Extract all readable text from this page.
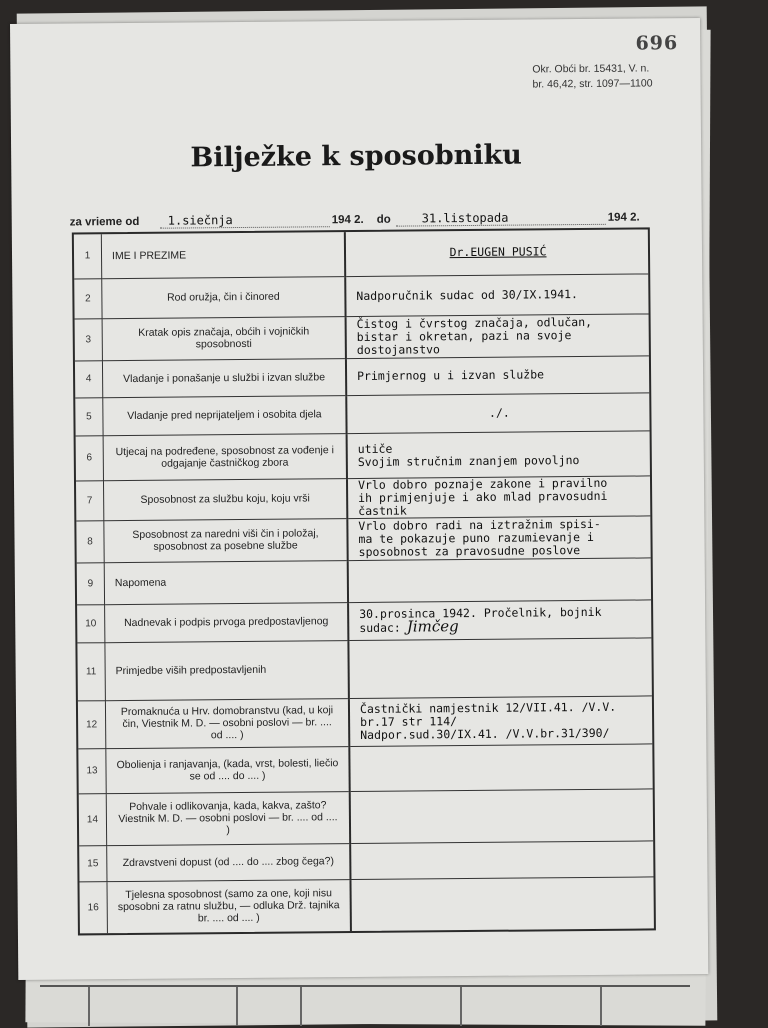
696
Okr. Obći br. 15431, V. n.
br. 46,42, str. 1097—1100
Bilježke k sposobniku
za vrieme od 1.siečnja	194 2. do	31.listopada	194 2.
1	IME I PREZIME	Dr.EUGEN PUSIĆ
2	Rod oružja, čin i činored	Nadporučnik sudac od 30/IX.1941.
3	Kratak opis značaja, obćih i vojničkih sposobnosti	Čistog i čvrstog značaja, odlučan,
bistar i okretan, pazi na svoje
dostojanstvo
4	Vladanje i ponašanje u službi i izvan službe	Primjernog u i izvan službe
5	Vladanje pred neprijateljem i osobita djela	./.
6	Utjecaj na podređene, sposobnost za vođenje i odgajanje častničkog zbora	utiče
Svojim stručnim znanjem povoljno
7	Sposobnost za službu koju, koju vrši	Vrlo dobro poznaje zakone i pravilno
ih primjenjuje i ako mlad pravosudni
častnik
8	Sposobnost za naredni viši čin i položaj, sposobnost za posebne službe	Vrlo dobro radi na iztražnim spisi-
ma te pokazuje puno razumievanje i
sposobnost za pravosudne poslove
9	Napomena	
10	Nadnevak i podpis prvoga predpostavljenog	30.prosinca 1942. Pročelnik, bojnik
sudac: Jimčeg
11	Primjedbe viših predpostavljenih	
12	Promaknuća u Hrv. domobranstvu (kad, u koji čin, Viestnik M. D. — osobni poslovi — br. .... od .... )	Častnički namjestnik 12/VII.41. /V.V.
br.17 str 114/
Nadpor.sud.30/IX.41. /V.V.br.31/390/
13	Obolienja i ranjavanja, (kada, vrst, bolesti, liečio se od .... do .... )	
14	Pohvale i odlikovanja, kada, kakva, zašto? Viestnik M. D. — osobni poslovi — br. .... od .... )	
15	Zdravstveni dopust (od .... do .... zbog čega?)	
16	Tjelesna sposobnost (samo za one, koji nisu sposobni za ratnu službu, — odluka Drž. tajnika br. .... od .... )	
